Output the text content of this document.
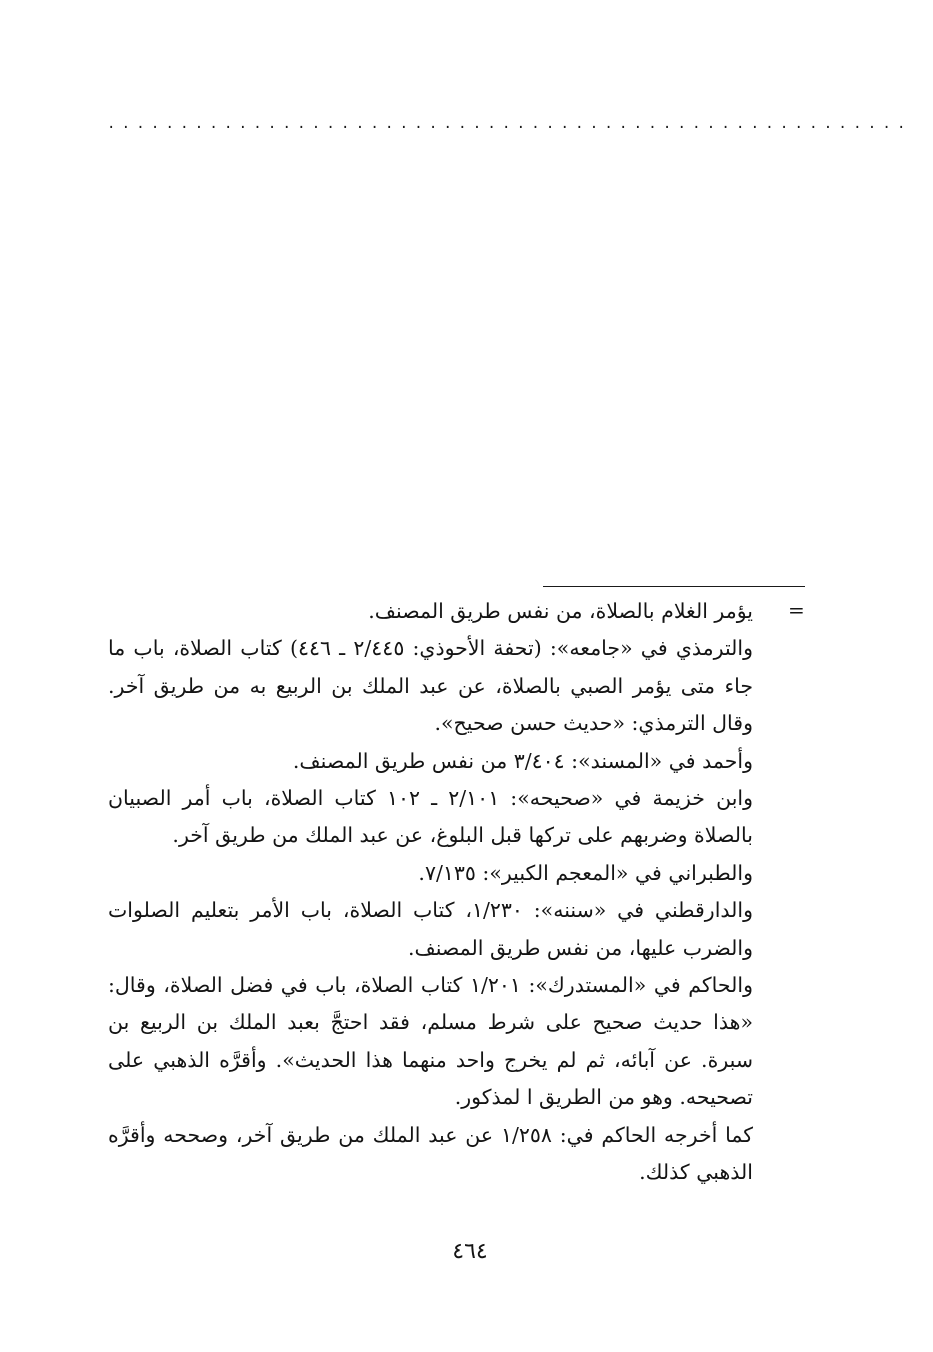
.......................................................
=

يؤمر الغلام بالصلاة، من نفس طريق المصنف.

والترمذي في «جامعه»: (تحفة الأحوذي: ٢/٤٤٥ ـ ٤٤٦) كتاب الصلاة، باب ما جاء متى يؤمر الصبي بالصلاة، عن عبد الملك بن الربيع به من طريق آخر. وقال الترمذي: «حديث حسن صحيح».

وأحمد في «المسند»: ٣/٤٠٤ من نفس طريق المصنف.

وابن خزيمة في «صحيحه»: ٢/١٠١ ـ ١٠٢ كتاب الصلاة، باب أمر الصبيان بالصلاة وضربهم على تركها قبل البلوغ، عن عبد الملك من طريق آخر.

والطبراني في «المعجم الكبير»: ٧/١٣٥.

والدارقطني في «سننه»: ١/٢٣٠، كتاب الصلاة، باب الأمر بتعليم الصلوات والضرب عليها، من نفس طريق المصنف.

والحاكم في «المستدرك»: ١/٢٠١ كتاب الصلاة، باب في فضل الصلاة، وقال: «هذا حديث صحيح على شرط مسلم، فقد احتجَّ بعبد الملك بن الربيع بن سبرة. عن آبائه، ثم لم يخرج واحد منهما هذا الحديث». وأقرَّه الذهبي على تصحيحه. وهو من الطريق ا لمذكور.

كما أخرجه الحاكم في: ١/٢٥٨ عن عبد الملك من طريق آخر، وصححه وأقرَّه الذهبي كذلك.

٤٦٤
